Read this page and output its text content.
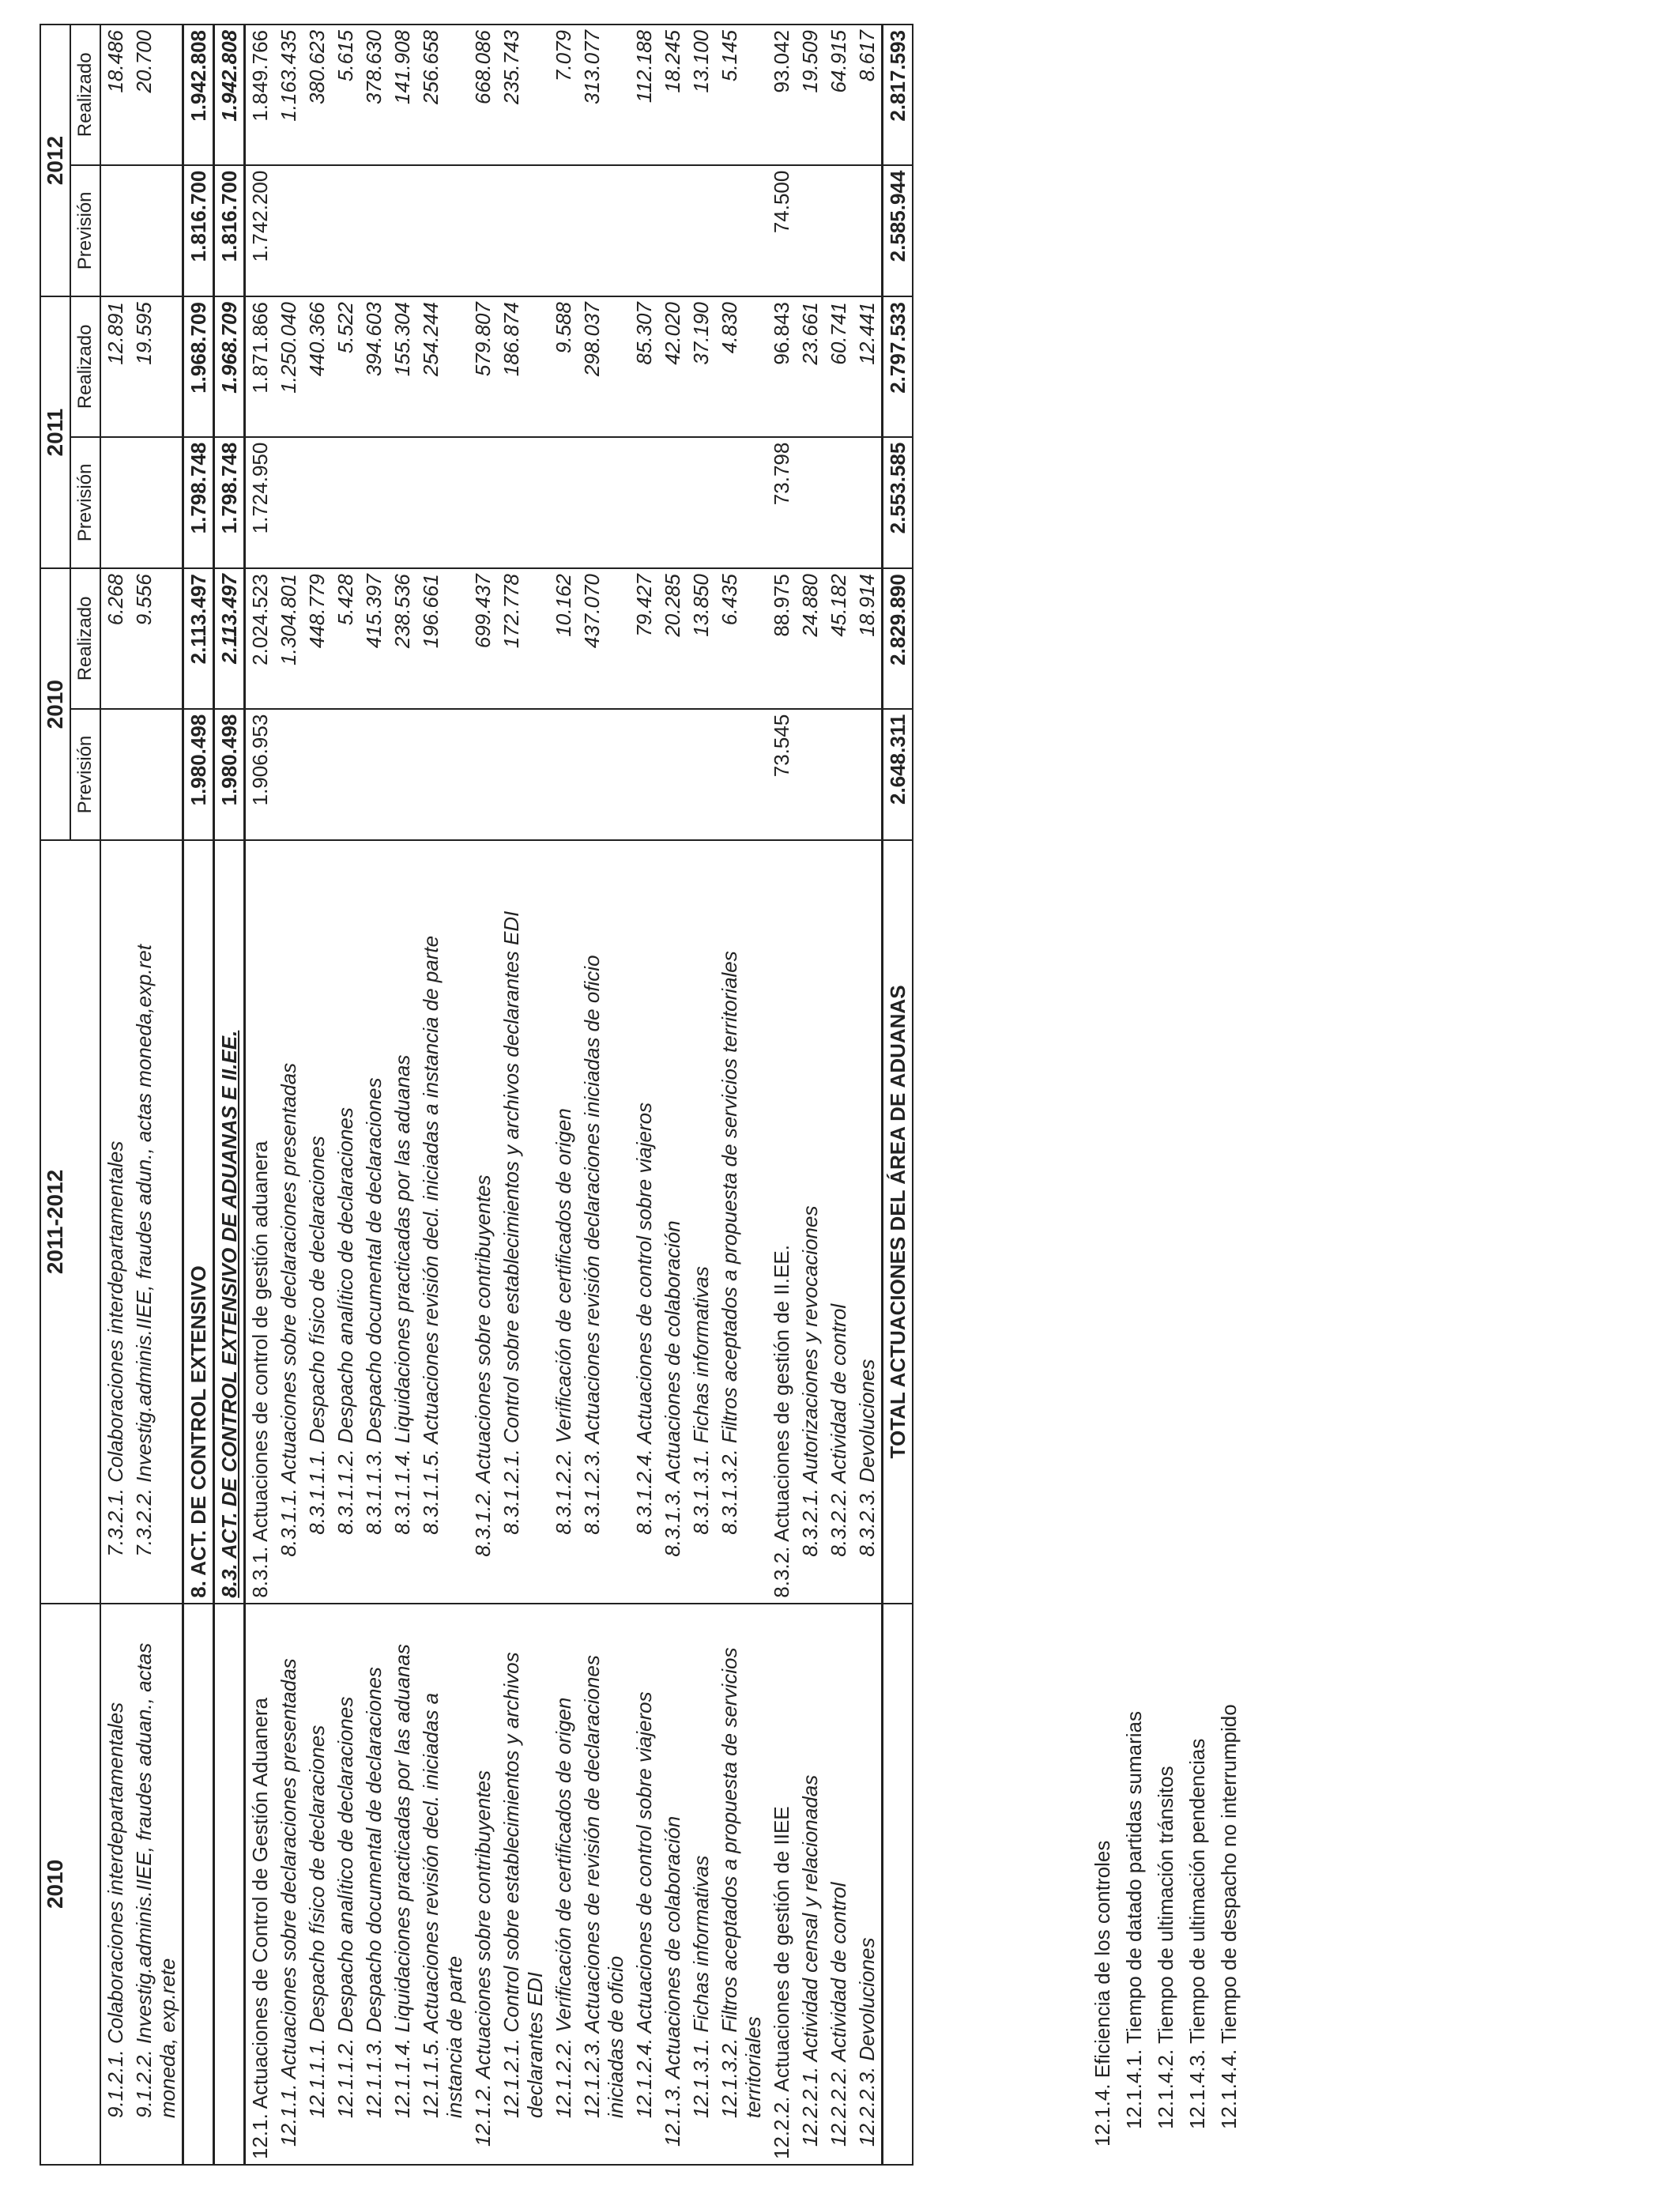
2010	2011-2012	2010		2011		2012	
		Previsión	Realizado	Previsión	Realizado	Previsión	Realizado
9.1.2.1. Colaboraciones interdepartamentales	7.3.2.1. Colaboraciones interdepartamentales		6.268		12.891		18.486
9.1.2.2. Investig.adminis.IIEE, fraudes aduan., actas moneda, exp.rete	7.3.2.2. Investig.adminis.IIEE, fraudes adun., actas moneda,exp.ret		9.556		19.595		20.700
	8. ACT. DE CONTROL EXTENSIVO	1.980.498	2.113.497	1.798.748	1.968.709	1.816.700	1.942.808
	8.3. ACT. DE CONTROL EXTENSIVO DE ADUANAS E II.EE.	1.980.498	2.113.497	1.798.748	1.968.709	1.816.700	1.942.808
12.1. Actuaciones de Control de Gestión Aduanera	8.3.1. Actuaciones de control de gestión aduanera	1.906.953	2.024.523	1.724.950	1.871.866	1.742.200	1.849.766
12.1.1. Actuaciones sobre declaraciones presentadas	8.3.1.1. Actuaciones sobre declaraciones presentadas		1.304.801		1.250.040		1.163.435
12.1.1.1. Despacho físico de declaraciones	8.3.1.1.1. Despacho físico de declaraciones		448.779		440.366		380.623
12.1.1.2. Despacho analítico de declaraciones	8.3.1.1.2. Despacho analítico de declaraciones		5.428		5.522		5.615
12.1.1.3. Despacho documental de declaraciones	8.3.1.1.3. Despacho documental de declaraciones		415.397		394.603		378.630
12.1.1.4. Liquidaciones practicadas por las aduanas	8.3.1.1.4. Liquidaciones practicadas por las aduanas		238.536		155.304		141.908
12.1.1.5. Actuaciones revisión decl. iniciadas a instancia de parte	8.3.1.1.5. Actuaciones revisión decl. iniciadas a instancia de parte		196.661		254.244		256.658
12.1.2. Actuaciones sobre contribuyentes	8.3.1.2. Actuaciones sobre contribuyentes		699.437		579.807		668.086
12.1.2.1. Control sobre establecimientos y archivos declarantes EDI	8.3.1.2.1. Control sobre establecimientos y archivos declarantes EDI		172.778		186.874		235.743
12.1.2.2. Verificación de certificados de origen	8.3.1.2.2. Verificación de certificados de origen		10.162		9.588		7.079
12.1.2.3. Actuaciones de revisión de declaraciones iniciadas de oficio	8.3.1.2.3. Actuaciones revisión declaraciones iniciadas de oficio		437.070		298.037		313.077
12.1.2.4. Actuaciones de control sobre viajeros	8.3.1.2.4. Actuaciones de control sobre viajeros		79.427		85.307		112.188
12.1.3. Actuaciones de colaboración	8.3.1.3. Actuaciones de colaboración		20.285		42.020		18.245
12.1.3.1. Fichas informativas	8.3.1.3.1. Fichas informativas		13.850		37.190		13.100
12.1.3.2. Filtros aceptados a propuesta de servicios territoriales	8.3.1.3.2. Filtros aceptados a propuesta de servicios territoriales		6.435		4.830		5.145
12.2.2. Actuaciones de gestión de IIEE	8.3.2. Actuaciones de gestión de II.EE.	73.545	88.975	73.798	96.843	74.500	93.042
12.2.2.1. Actividad censal y relacionadas	8.3.2.1. Autorizaciones y revocaciones		24.880		23.661		19.509
12.2.2.2. Actividad de control	8.3.2.2. Actividad de control		45.182		60.741		64.915
12.2.2.3. Devoluciones	8.3.2.3. Devoluciones		18.914		12.441		8.617
	TOTAL ACTUACIONES DEL ÁREA DE ADUANAS	2.648.311	2.829.890	2.553.585	2.797.533	2.585.944	2.817.593
12.1.4. Eficiencia de los controles 12.1.4.1. Tiempo de datado partidas sumarias 12.1.4.2. Tiempo de ultimación tránsitos 12.1.4.3. Tiempo de ultimación pendencias 12.1.4.4. Tiempo de despacho no interrumpido
